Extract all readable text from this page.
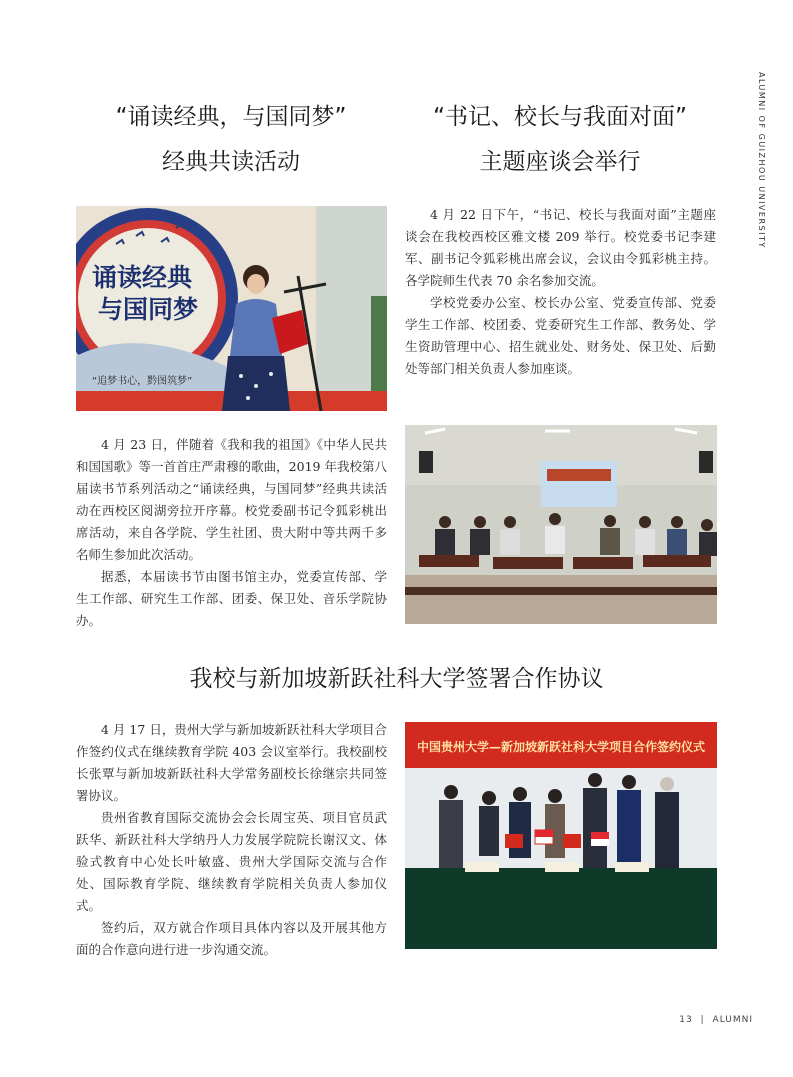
ALUMNI OF GUIZHOU UNIVERSITY
“诵读经典，与国同梦”
经典共读活动
“书记、校长与我面对面”
主题座谈会举行
诵读经典
与国同梦
“追梦书心，黔图筑梦”

4 月 22 日下午，“书记、校长与我面对面”主题座谈会在我校西校区雅文楼 209 举行。校党委书记李建军、副书记令狐彩桃出席会议，会议由令狐彩桃主持。各学院师生代表 70 余名参加交流。

学校党委办公室、校长办公室、党委宣传部、党委学生工作部、校团委、党委研究生工作部、教务处、学生资助管理中心、招生就业处、财务处、保卫处、后勤处等部门相关负责人参加座谈。

4 月 23 日，伴随着《我和我的祖国》《中华人民共和国国歌》等一首首庄严肃穆的歌曲，2019 年我校第八届读书节系列活动之“诵读经典，与国同梦”经典共读活动在西校区阅湖旁拉开序幕。校党委副书记令狐彩桃出席活动，来自各学院、学生社团、贵大附中等共两千多名师生参加此次活动。

据悉，本届读书节由图书馆主办，党委宣传部、学生工作部、研究生工作部、团委、保卫处、音乐学院协办。

我校与新加坡新跃社科大学签署合作协议

4 月 17 日，贵州大学与新加坡新跃社科大学项目合作签约仪式在继续教育学院 403 会议室举行。我校副校长张覃与新加坡新跃社科大学常务副校长徐继宗共同签署协议。

贵州省教育国际交流协会会长周宝英、项目官员武跃华、新跃社科大学纳丹人力发展学院院长谢汉文、体验式教育中心处长叶敏盛、贵州大学国际交流与合作处、国际教育学院、继续教育学院相关负责人参加仪式。

签约后，双方就合作项目具体内容以及开展其他方面的合作意向进行进一步沟通交流。

中国贵州大学—新加坡新跃社科大学项目合作签约仪式
13 | ALUMNI
